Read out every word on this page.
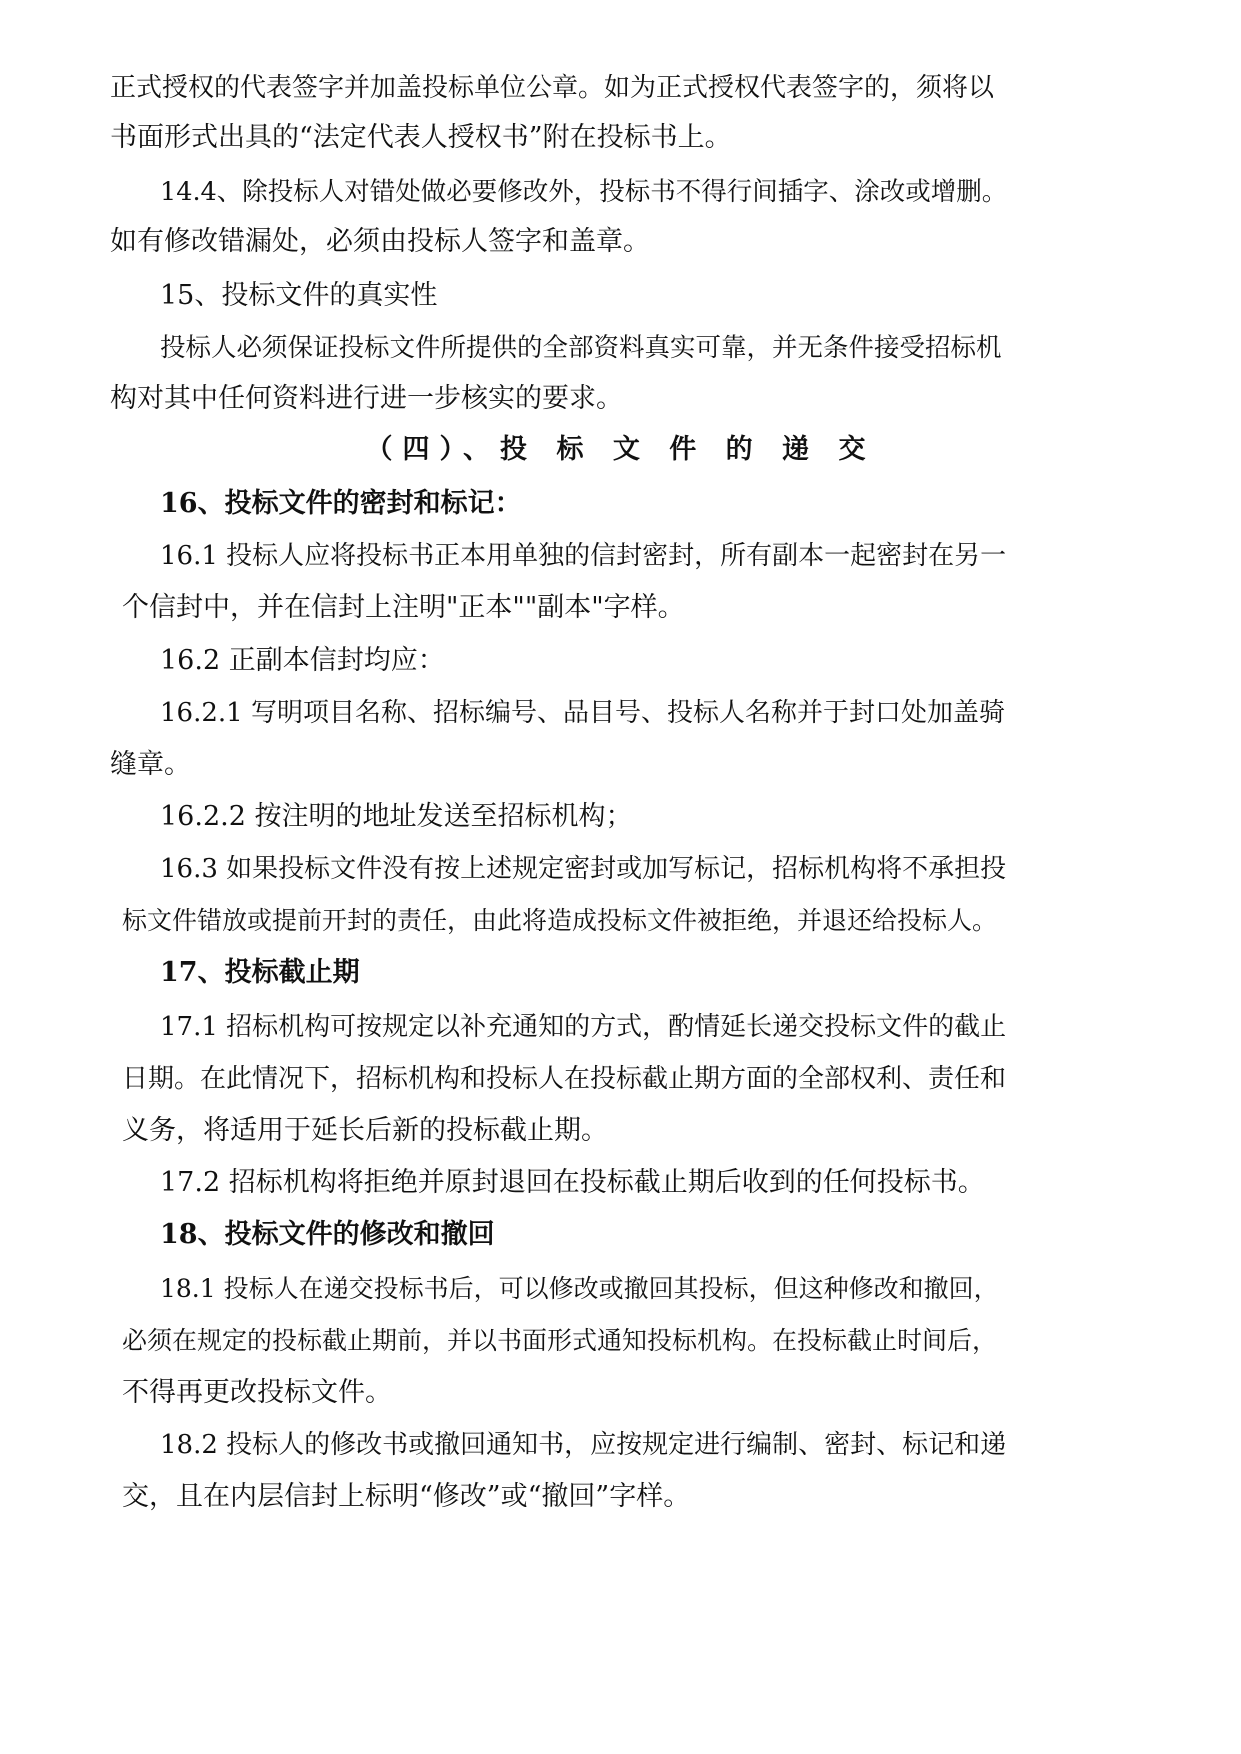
正式授权的代表签字并加盖投标单位公章。如为正式授权代表签字的，须将以
书面形式出具的“法定代表人授权书”附在投标书上。
14.4、除投标人对错处做必要修改外，投标书不得行间插字、涂改或增删。
如有修改错漏处，必须由投标人签字和盖章。
15、投标文件的真实性
投标人必须保证投标文件所提供的全部资料真实可靠，并无条件接受招标机
构对其中任何资料进行进一步核实的要求。
（四）、投 标 文 件 的 递 交
16、投标文件的密封和标记：
16.1 投标人应将投标书正本用单独的信封密封，所有副本一起密封在另一
个信封中，并在信封上注明"正本""副本"字样。
16.2 正副本信封均应：
16.2.1 写明项目名称、招标编号、品目号、投标人名称并于封口处加盖骑
缝章。
16.2.2 按注明的地址发送至招标机构；
16.3 如果投标文件没有按上述规定密封或加写标记，招标机构将不承担投
标文件错放或提前开封的责任，由此将造成投标文件被拒绝，并退还给投标人。
17、投标截止期
17.1 招标机构可按规定以补充通知的方式，酌情延长递交投标文件的截止
日期。在此情况下，招标机构和投标人在投标截止期方面的全部权利、责任和
义务，将适用于延长后新的投标截止期。
17.2 招标机构将拒绝并原封退回在投标截止期后收到的任何投标书。
18、投标文件的修改和撤回
18.1 投标人在递交投标书后，可以修改或撤回其投标，但这种修改和撤回，
必须在规定的投标截止期前，并以书面形式通知投标机构。在投标截止时间后，
不得再更改投标文件。
18.2 投标人的修改书或撤回通知书，应按规定进行编制、密封、标记和递
交，且在内层信封上标明“修改”或“撤回”字样。
